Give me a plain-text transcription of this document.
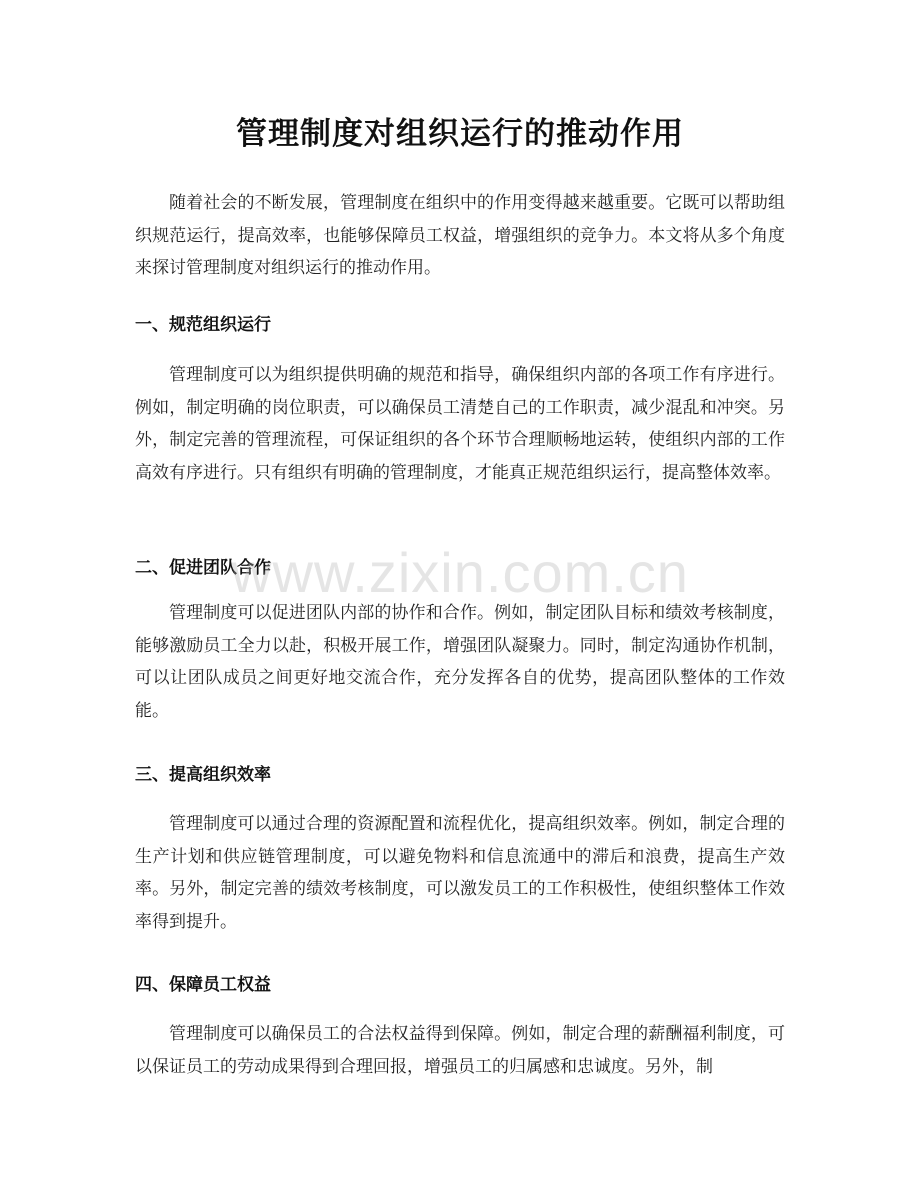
管理制度对组织运行的推动作用

随着社会的不断发展，管理制度在组织中的作用变得越来越重要。它既可以帮助组织规范运行，提高效率，也能够保障员工权益，增强组织的竞争力。本文将从多个角度来探讨管理制度对组织运行的推动作用。

一、规范组织运行

管理制度可以为组织提供明确的规范和指导，确保组织内部的各项工作有序进行。例如，制定明确的岗位职责，可以确保员工清楚自己的工作职责，减少混乱和冲突。另外，制定完善的管理流程，可保证组织的各个环节合理顺畅地运转，使组织内部的工作高效有序进行。只有组织有明确的管理制度，才能真正规范组织运行，提高整体效率。

二、促进团队合作

管理制度可以促进团队内部的协作和合作。例如，制定团队目标和绩效考核制度，能够激励员工全力以赴，积极开展工作，增强团队凝聚力。同时，制定沟通协作机制，可以让团队成员之间更好地交流合作，充分发挥各自的优势，提高团队整体的工作效能。

三、提高组织效率

管理制度可以通过合理的资源配置和流程优化，提高组织效率。例如，制定合理的生产计划和供应链管理制度，可以避免物料和信息流通中的滞后和浪费，提高生产效率。另外，制定完善的绩效考核制度，可以激发员工的工作积极性，使组织整体工作效率得到提升。

四、保障员工权益

管理制度可以确保员工的合法权益得到保障。例如，制定合理的薪酬福利制度，可以保证员工的劳动成果得到合理回报，增强员工的归属感和忠诚度。另外，制

www.zixin.com.cn
